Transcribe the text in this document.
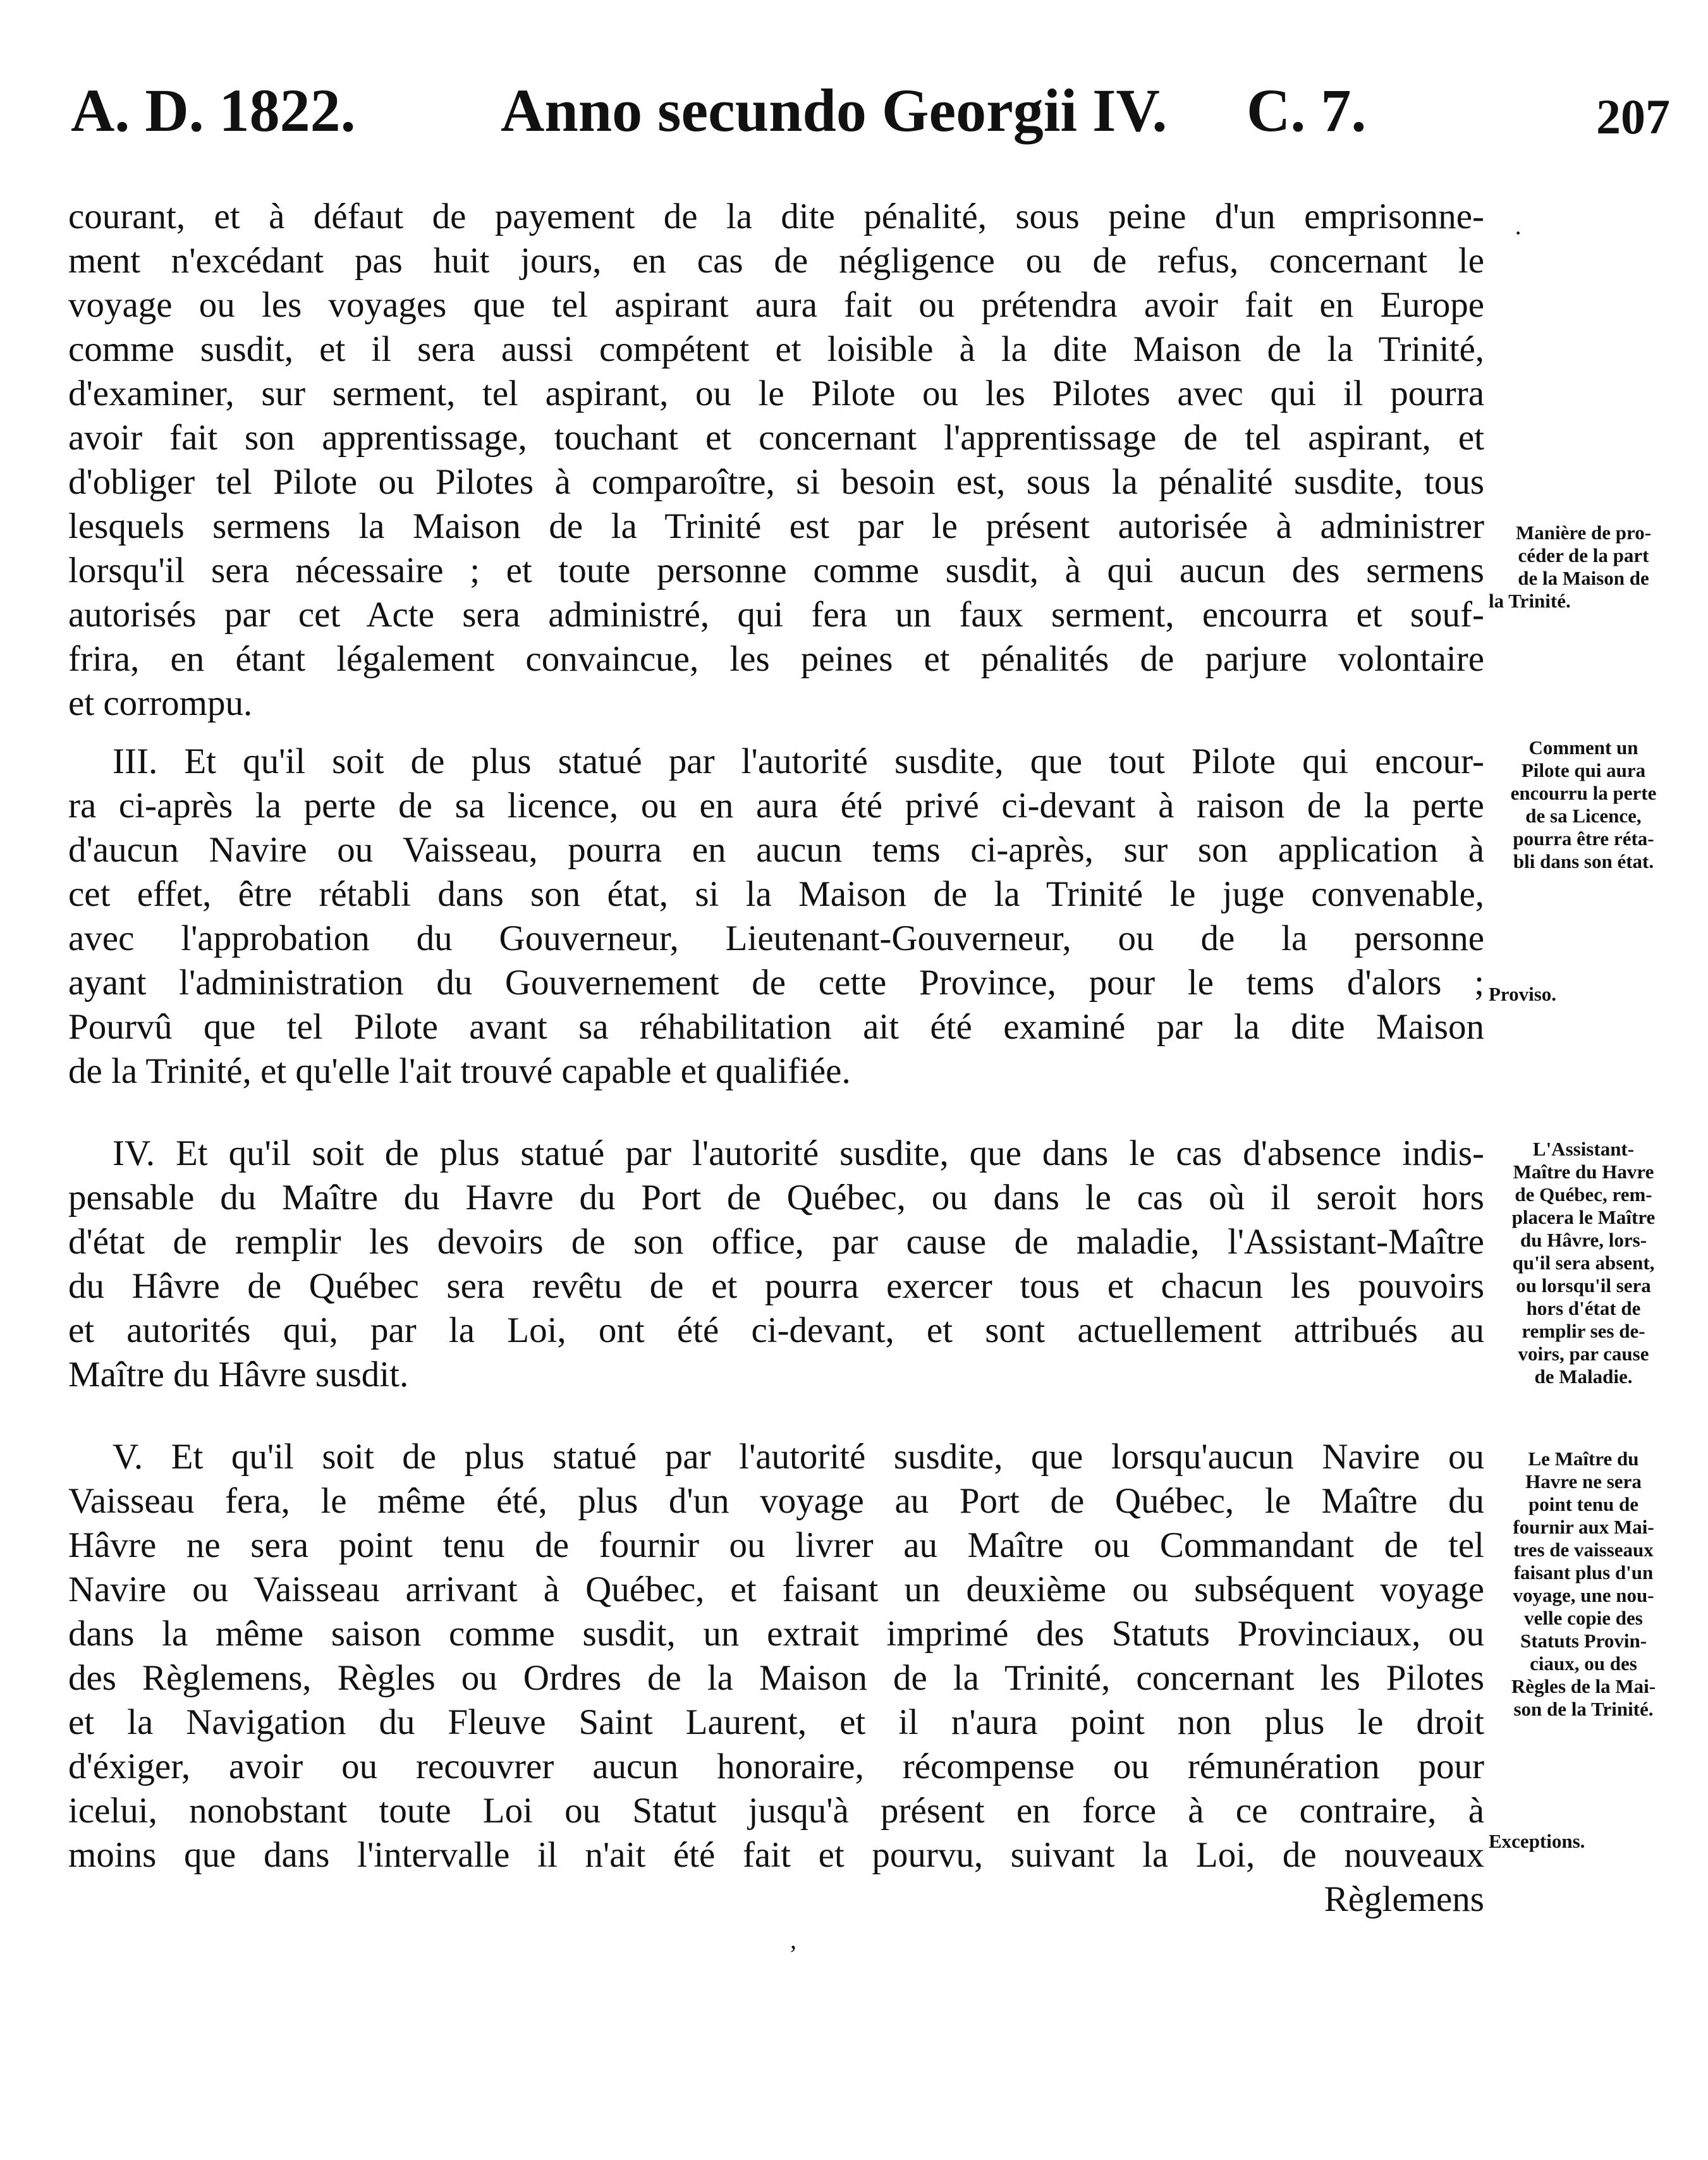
A. D. 1822. Anno secundo Georgii IV. C. 7.	207
courant, et à défaut de payement de la dite pénalité, sous peine d'un emprisonne-
ment n'excédant pas huit jours, en cas de négligence ou de refus, concernant le
voyage ou les voyages que tel aspirant aura fait ou prétendra avoir fait en Europe
comme susdit, et il sera aussi compétent et loisible à la dite Maison de la Trinité,
d'examiner, sur serment, tel aspirant, ou le Pilote ou les Pilotes avec qui il pourra
avoir fait son apprentissage, touchant et concernant l'apprentissage de tel aspirant, et
d'obliger tel Pilote ou Pilotes à comparoître, si besoin est, sous la pénalité susdite, tous
lesquels sermens la Maison de la Trinité est par le présent autorisée à administrer
lorsqu'il sera nécessaire ; et toute personne comme susdit, à qui aucun des sermens
autorisés par cet Acte sera administré, qui fera un faux serment, encourra et souf-
frira, en étant légalement convaincue, les peines et pénalités de parjure volontaire
et corrompu.
III. Et qu'il soit de plus statué par l'autorité susdite, que tout Pilote qui encour-
ra ci-après la perte de sa licence, ou en aura été privé ci-devant à raison de la perte
d'aucun Navire ou Vaisseau, pourra en aucun tems ci-après, sur son application à
cet effet, être rétabli dans son état, si la Maison de la Trinité le juge convenable,
avec l'approbation du Gouverneur, Lieutenant-Gouverneur, ou de la personne
ayant l'administration du Gouvernement de cette Province, pour le tems d'alors ;
Pourvû que tel Pilote avant sa réhabilitation ait été examiné par la dite Maison
de la Trinité, et qu'elle l'ait trouvé capable et qualifiée.
IV. Et qu'il soit de plus statué par l'autorité susdite, que dans le cas d'absence indis-
pensable du Maître du Havre du Port de Québec, ou dans le cas où il seroit hors
d'état de remplir les devoirs de son office, par cause de maladie, l'Assistant-Maître
du Hâvre de Québec sera revêtu de et pourra exercer tous et chacun les pouvoirs
et autorités qui, par la Loi, ont été ci-devant, et sont actuellement attribués au
Maître du Hâvre susdit.
V. Et qu'il soit de plus statué par l'autorité susdite, que lorsqu'aucun Navire ou
Vaisseau fera, le même été, plus d'un voyage au Port de Québec, le Maître du
Hâvre ne sera point tenu de fournir ou livrer au Maître ou Commandant de tel
Navire ou Vaisseau arrivant à Québec, et faisant un deuxième ou subséquent voyage
dans la même saison comme susdit, un extrait imprimé des Statuts Provinciaux, ou
des Règlemens, Règles ou Ordres de la Maison de la Trinité, concernant les Pilotes
et la Navigation du Fleuve Saint Laurent, et il n'aura point non plus le droit
d'éxiger, avoir ou recouvrer aucun honoraire, récompense ou rémunération pour
icelui, nonobstant toute Loi ou Statut jusqu'à présent en force à ce contraire, à
moins que dans l'intervalle il n'ait été fait et pourvu, suivant la Loi, de nouveaux
Règlemens
Manière de pro-
céder de la part
de la Maison de
la Trinité.
Comment un
Pilote qui aura
encourru la perte
de sa Licence,
pourra être réta-
bli dans son état.
Proviso.
L'Assistant-
Maître du Havre
de Québec, rem-
placera le Maître
du Hâvre, lors-
qu'il sera absent,
ou lorsqu'il sera
hors d'état de
remplir ses de-
voirs, par cause
de Maladie.
Le Maître du
Havre ne sera
point tenu de
fournir aux Mai-
tres de vaisseaux
faisant plus d'un
voyage, une nou-
velle copie des
Statuts Provin-
ciaux, ou des
Règles de la Mai-
son de la Trinité.
Exceptions.
·
,
